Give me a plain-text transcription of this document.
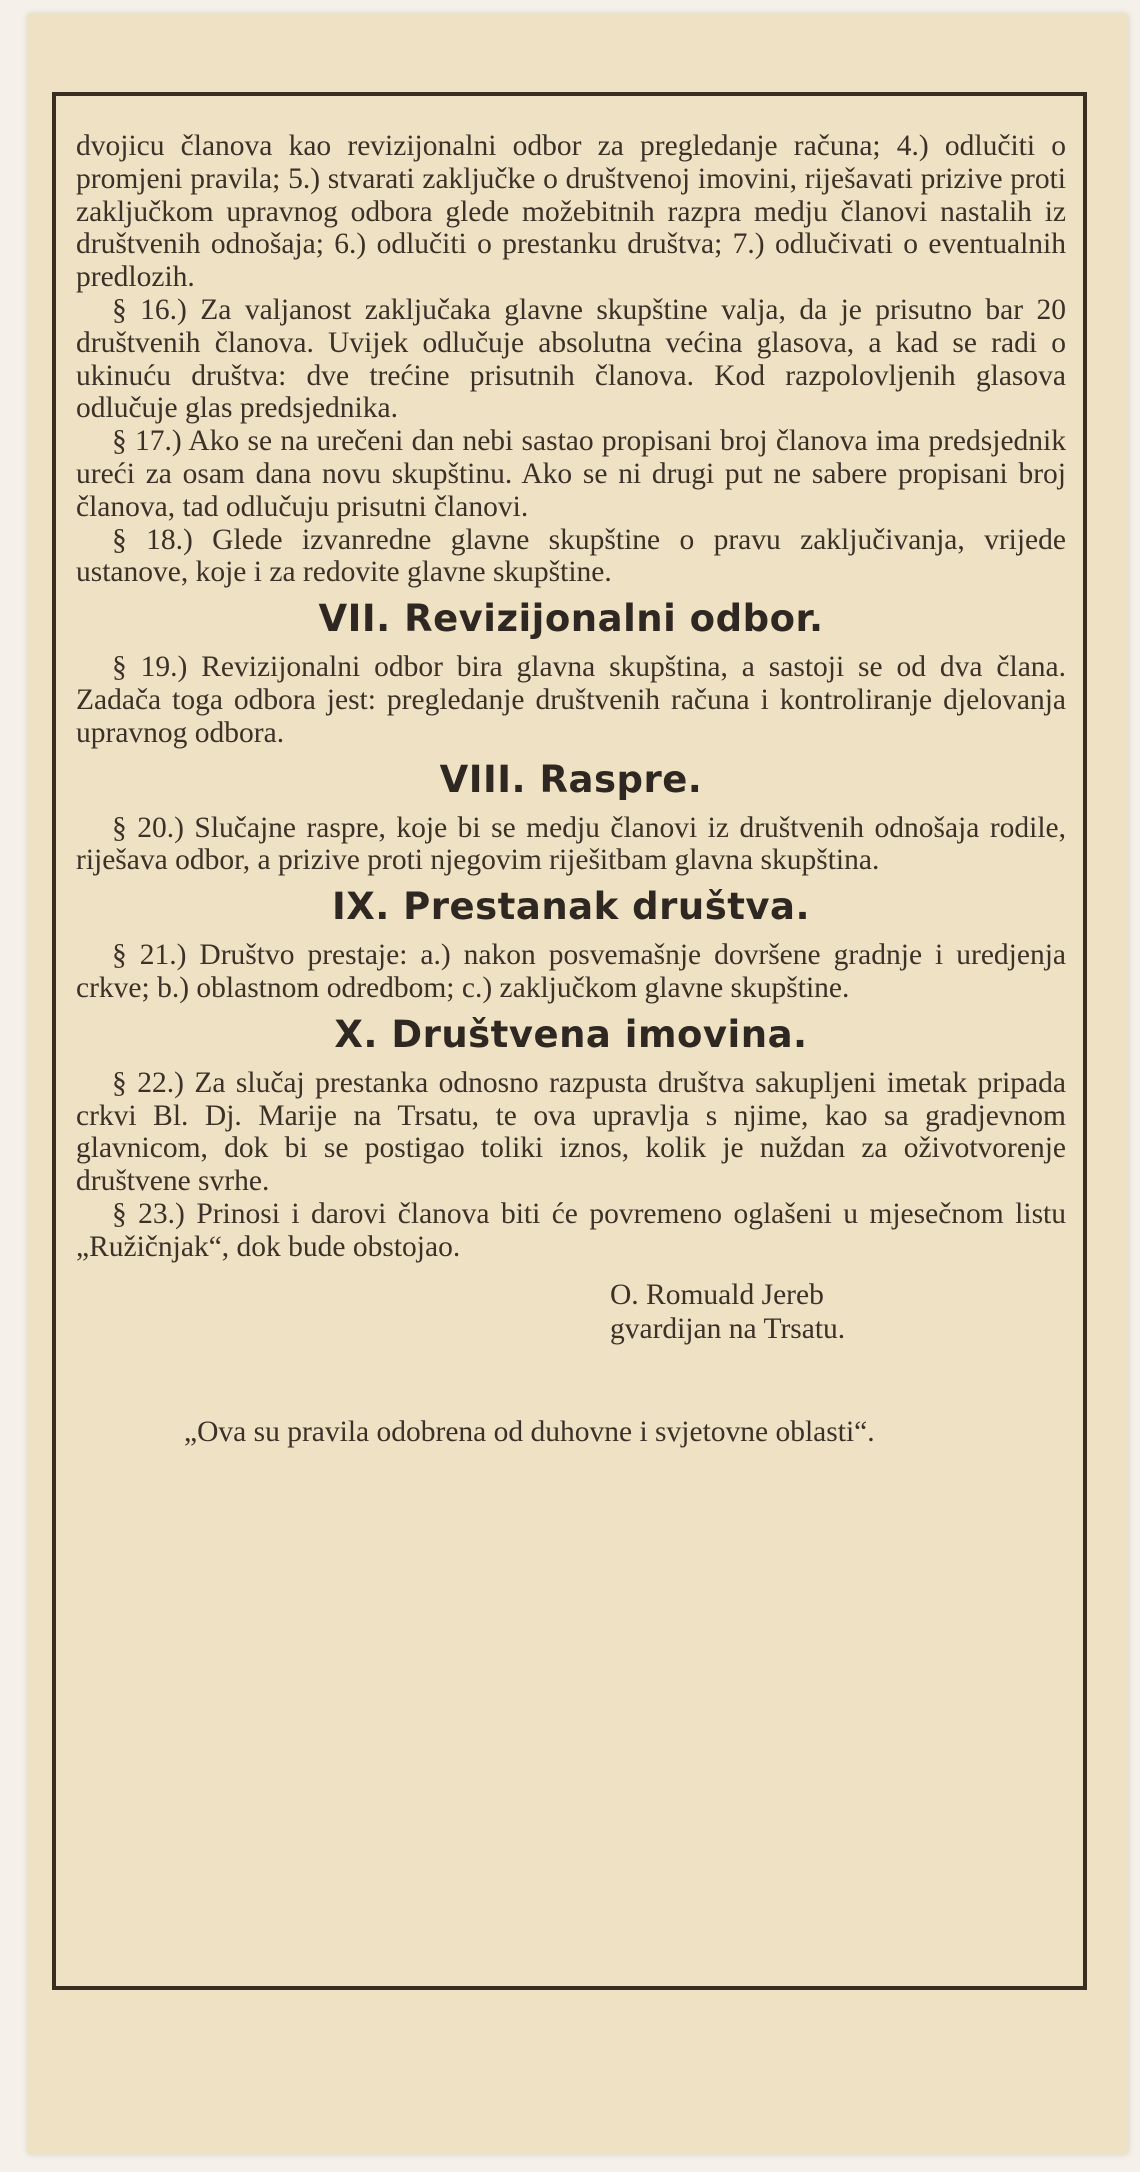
dvojicu članova kao revizijonalni odbor za pregledanje računa; 4.) odlučiti o promjeni pravila; 5.) stvarati zaključke o društvenoj imovini, riješavati prizive proti zaključkom upravnog odbora glede možebitnih razpra medju članovi nastalih iz društvenih odnošaja; 6.) odlučiti o prestanku društva; 7.) odlučivati o eventualnih predlozih.

§ 16.) Za valjanost zaključaka glavne skupštine valja, da je prisutno bar 20 društvenih članova. Uvijek odlučuje absolutna većina glasova, a kad se radi o ukinuću društva: dve trećine prisutnih članova. Kod razpolovljenih glasova odlučuje glas predsjednika.

§ 17.) Ako se na urečeni dan nebi sastao propisani broj članova ima predsjednik ureći za osam dana novu skupštinu. Ako se ni drugi put ne sabere propisani broj članova, tad odlučuju prisutni članovi.

§ 18.) Glede izvanredne glavne skupštine o pravu zaključivanja, vrijede ustanove, koje i za redovite glavne skupštine.

VII. Revizijonalni odbor.

§ 19.) Revizijonalni odbor bira glavna skupština, a sastoji se od dva člana. Zadača toga odbora jest: pregledanje društvenih računa i kontroliranje djelovanja upravnog odbora.

VIII. Raspre.

§ 20.) Slučajne raspre, koje bi se medju članovi iz društvenih odnošaja rodile, riješava odbor, a prizive proti njegovim riješitbam glavna skupština.

IX. Prestanak društva.

§ 21.) Društvo prestaje: a.) nakon posvemašnje dovršene gradnje i uredjenja crkve; b.) oblastnom odredbom; c.) zaključkom glavne skupštine.

X. Društvena imovina.

§ 22.) Za slučaj prestanka odnosno razpusta društva sakupljeni imetak pripada crkvi Bl. Dj. Marije na Trsatu, te ova upravlja s njime, kao sa gradjevnom glavnicom, dok bi se postigao toliki iznos, kolik je nuždan za oživotvorenje društvene svrhe.

§ 23.) Prinosi i darovi članova biti će povremeno oglašeni u mjesečnom listu „Ružičnjak“, dok bude obstojao.

O. Romuald Jereb
gvardijan na Trsatu.

„Ova su pravila odobrena od duhovne i svjetovne oblasti“.
